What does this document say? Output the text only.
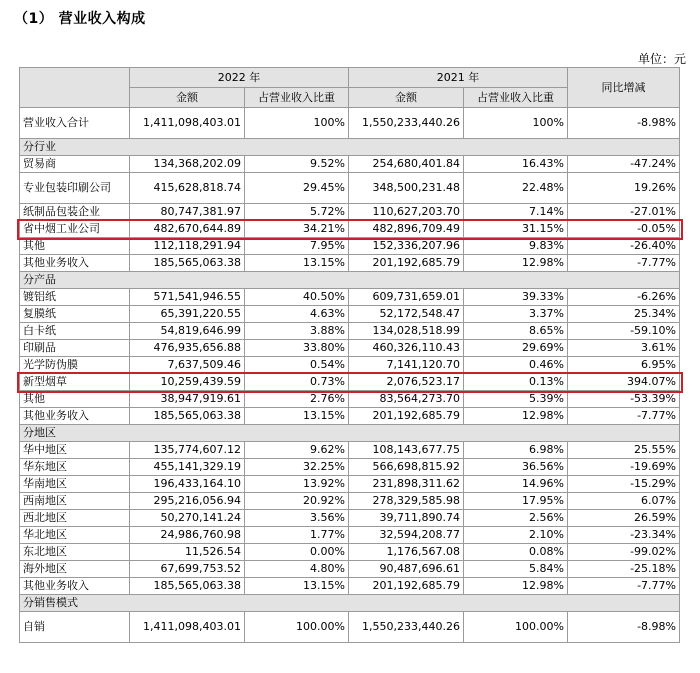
（1） 营业收入构成
单位：元
	2022 年		2021 年		同比增减
	金额	占营业收入比重	金额	占营业收入比重	
营业收入合计	1,411,098,403.01	100%	1,550,233,440.26	100%	-8.98%
分行业					
贸易商	134,368,202.09	9.52%	254,680,401.84	16.43%	-47.24%
专业包装印刷公司	415,628,818.74	29.45%	348,500,231.48	22.48%	19.26%
纸制品包装企业	80,747,381.97	5.72%	110,627,203.70	7.14%	-27.01%
省中烟工业公司	482,670,644.89	34.21%	482,896,709.49	31.15%	-0.05%
其他	112,118,291.94	7.95%	152,336,207.96	9.83%	-26.40%
其他业务收入	185,565,063.38	13.15%	201,192,685.79	12.98%	-7.77%
分产品					
镀铝纸	571,541,946.55	40.50%	609,731,659.01	39.33%	-6.26%
复膜纸	65,391,220.55	4.63%	52,172,548.47	3.37%	25.34%
白卡纸	54,819,646.99	3.88%	134,028,518.99	8.65%	-59.10%
印刷品	476,935,656.88	33.80%	460,326,110.43	29.69%	3.61%
光学防伪膜	7,637,509.46	0.54%	7,141,120.70	0.46%	6.95%
新型烟草	10,259,439.59	0.73%	2,076,523.17	0.13%	394.07%
其他	38,947,919.61	2.76%	83,564,273.70	5.39%	-53.39%
其他业务收入	185,565,063.38	13.15%	201,192,685.79	12.98%	-7.77%
分地区					
华中地区	135,774,607.12	9.62%	108,143,677.75	6.98%	25.55%
华东地区	455,141,329.19	32.25%	566,698,815.92	36.56%	-19.69%
华南地区	196,433,164.10	13.92%	231,898,311.62	14.96%	-15.29%
西南地区	295,216,056.94	20.92%	278,329,585.98	17.95%	6.07%
西北地区	50,270,141.24	3.56%	39,711,890.74	2.56%	26.59%
华北地区	24,986,760.98	1.77%	32,594,208.77	2.10%	-23.34%
东北地区	11,526.54	0.00%	1,176,567.08	0.08%	-99.02%
海外地区	67,699,753.52	4.80%	90,487,696.61	5.84%	-25.18%
其他业务收入	185,565,063.38	13.15%	201,192,685.79	12.98%	-7.77%
分销售模式					
自销	1,411,098,403.01	100.00%	1,550,233,440.26	100.00%	-8.98%
